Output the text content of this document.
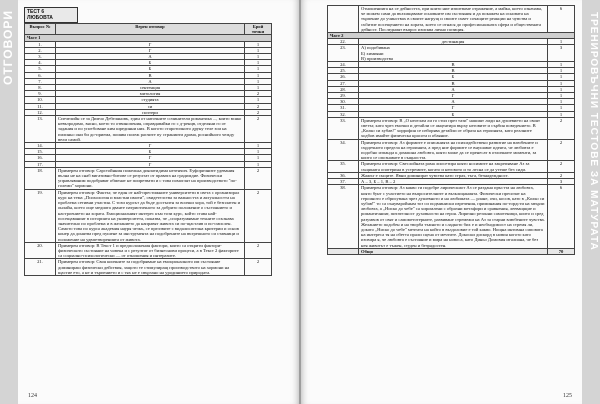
ОТГОВОРИ ТЕСТ 6
ЛЮБОВТА
Въпрос №	Верен отговор	Брой точки
Част 1		
1.	Г	1
2.	Г	1
3.	А	1
4.	Б	1
5.	Б	1
6.	В	1
7.	А	1
8.	сентенция	1
9.	митология	2
10.	студията	1
11.	си	2
12.	поэтери	2
13.	Спечелийн се за Димчо Дебеляновъ, един от наточните сочинители романтика ..., които всяко невъзродимо, вясно, което то отвинопения, оправдавайки го с д-ренцв, отделяни го от задания и по употбоване ким шрединни них. В когото старотопното друну теле зои на пилиньо они би до-приема, поиява полеж расчите пу страниити драма, роснийного чежду вели самой.	2
14.	Г	1
15.	Б	1
16.	Г	1
17.	Г	1
18.	Примерен отговор: Сарстойнния пожелька диялатидима незенчич. Еуфоричните удевания вълна не на снаб вигативно-битове се резултат от правата на градимдие. Физически управляваним подобряват обменат не поиретвати и с това помоглят на производството "по-големи" хормони.	2
19.	Примерен отговор: Фактът, че един от най-престижните университети в света с организирал курс на тема „Психология и властни имоти", свидетелства за важността и актуалността на проблема сетивни участия. С този курсът да бъде достъпен за всички хора, той е безплатен и онлайн, което още медиата дванте патриотичното за добрито положение о състоянието и настроението на хората. Емоционалният интерес към този курс, който става най-посещаваният в историята на университета, показва, че „споразумяване техните осъзнава значително по проблема и в желанието да направят живота си по-щастлив и по-смислен. Самото това по курса академия науря чезкъ, се прелзвите с видалисателна критерии и основ конер да донятва пред пушене за инструмента на подобрените на вътрешното си ставници и положение на удвпетворенията от живота.	2
20.	Примерен отговор: В Текст 1 и предположения фактори, които са открити фактори-физическото състояние на човека и с резултат от бизнеснови процеси, а в Текст 2 факторите са социално-психологически — от отношения и интеразите.	2
21.	Примерен отговор: Своя коичните за подобряване на емоционалното им състояние доминираш физически действия, защото те стимулиращ производството на хормони на щастие ето, а не и търпението и с тях не е свързано на уродинието природата.	2
124
ТРЕНИРОВЪЧНИ ТЕСТОВЕ ЗА МАТУРАТА
	Отношенията на се дейността, при които ние изпитваме отражение, а майка, което означава, че можем сами да възхищаваме основните им състояния и да покажем на основата на търпение до учинствах в своите нагрущ и своите съвет сочащите реакции на чувства и събитие посещението на хората, което се отнася до професионалната сфера и обществената дейност. Последният въпрос изисква лично позиция.	6
Част 2		
22.	дестинация	1
23.	А) подобивана
Б) химияни
В) производства	3
24.	В	1
25.	В	1
26.	Б	1
27.	В	1
28.	А	1
29.	Г	1
30.	А	1
31.	Г	1
32.	Б	1
33.	Примерен отговор: В „О неотлам ли го стил през тази" нашият лиди на душевието на своят светът, като чрез емочки и детайли се акцентира върху неговите и сърбия поведението. В „Колко си хубав!" хоррофия се изборява детайли от образа на героинята, като реалните ходбов имайте физическа красота и обаяние.	2
34.	Примерен отговор: Аз формите е описанията на психидействено развитие на влюбените и сърдечното предела на героинята, а пред ние формите се внушават идеята, че любовта е подобно изпанда к домашна любовта, която може да се пренесат в отличните моменти, за които се опознавате в същността.	2
35.	Примерен отговор: Свеслойната рама лиосетира която носимите на закрепяване Аз за същината опатерина в устремите, когато и неговото и то лесна се да утеше без сиди.	2
36.	Жажът е същите. Явни доминират чувства като страх, тъга, безнадеждност.	2
37.	А – 3, Б – 1, В – 2	3
38.	Примерен отговор: Аз какво ги подобре лирическиот Аз се раздана пръстта на любовта, която бунт с участието на въпросителните и възклицанията. Физически пресичат на героиното е обрисувана чрез душевното и на любимата — рлане, очи, косов, като в „Колко си хубав!" то са сънуваройным тоз си подминиски изречения, приминания по-гордсти на хвърли любовта, а „Ниско до чебе" са хиромлени с образни метафори и сравнения, лееващщие и романтичният, питателност духовности на героя. Лирично резонни самотеници, които и сред разумвов от свят и самометотерните, развиване стремежи на Аз за старни влюбените чувства. Желанието подобен и на творба тъмното и сладкото бих е и необходимост на стремя ли, докато „Ниско до чебе" мечтата на който в въздоловие е той какво. Нощна интимна сиповата на интереса тя на обетта прали сцена от мечтите. Докоски дискорд в новия когото като изсвира я, че любовта е състояние и мира на новоса, като Диньо Домовия италиана, че без нея животът е тъжен, студен и безрадостен.	6
	Общо	70
125
